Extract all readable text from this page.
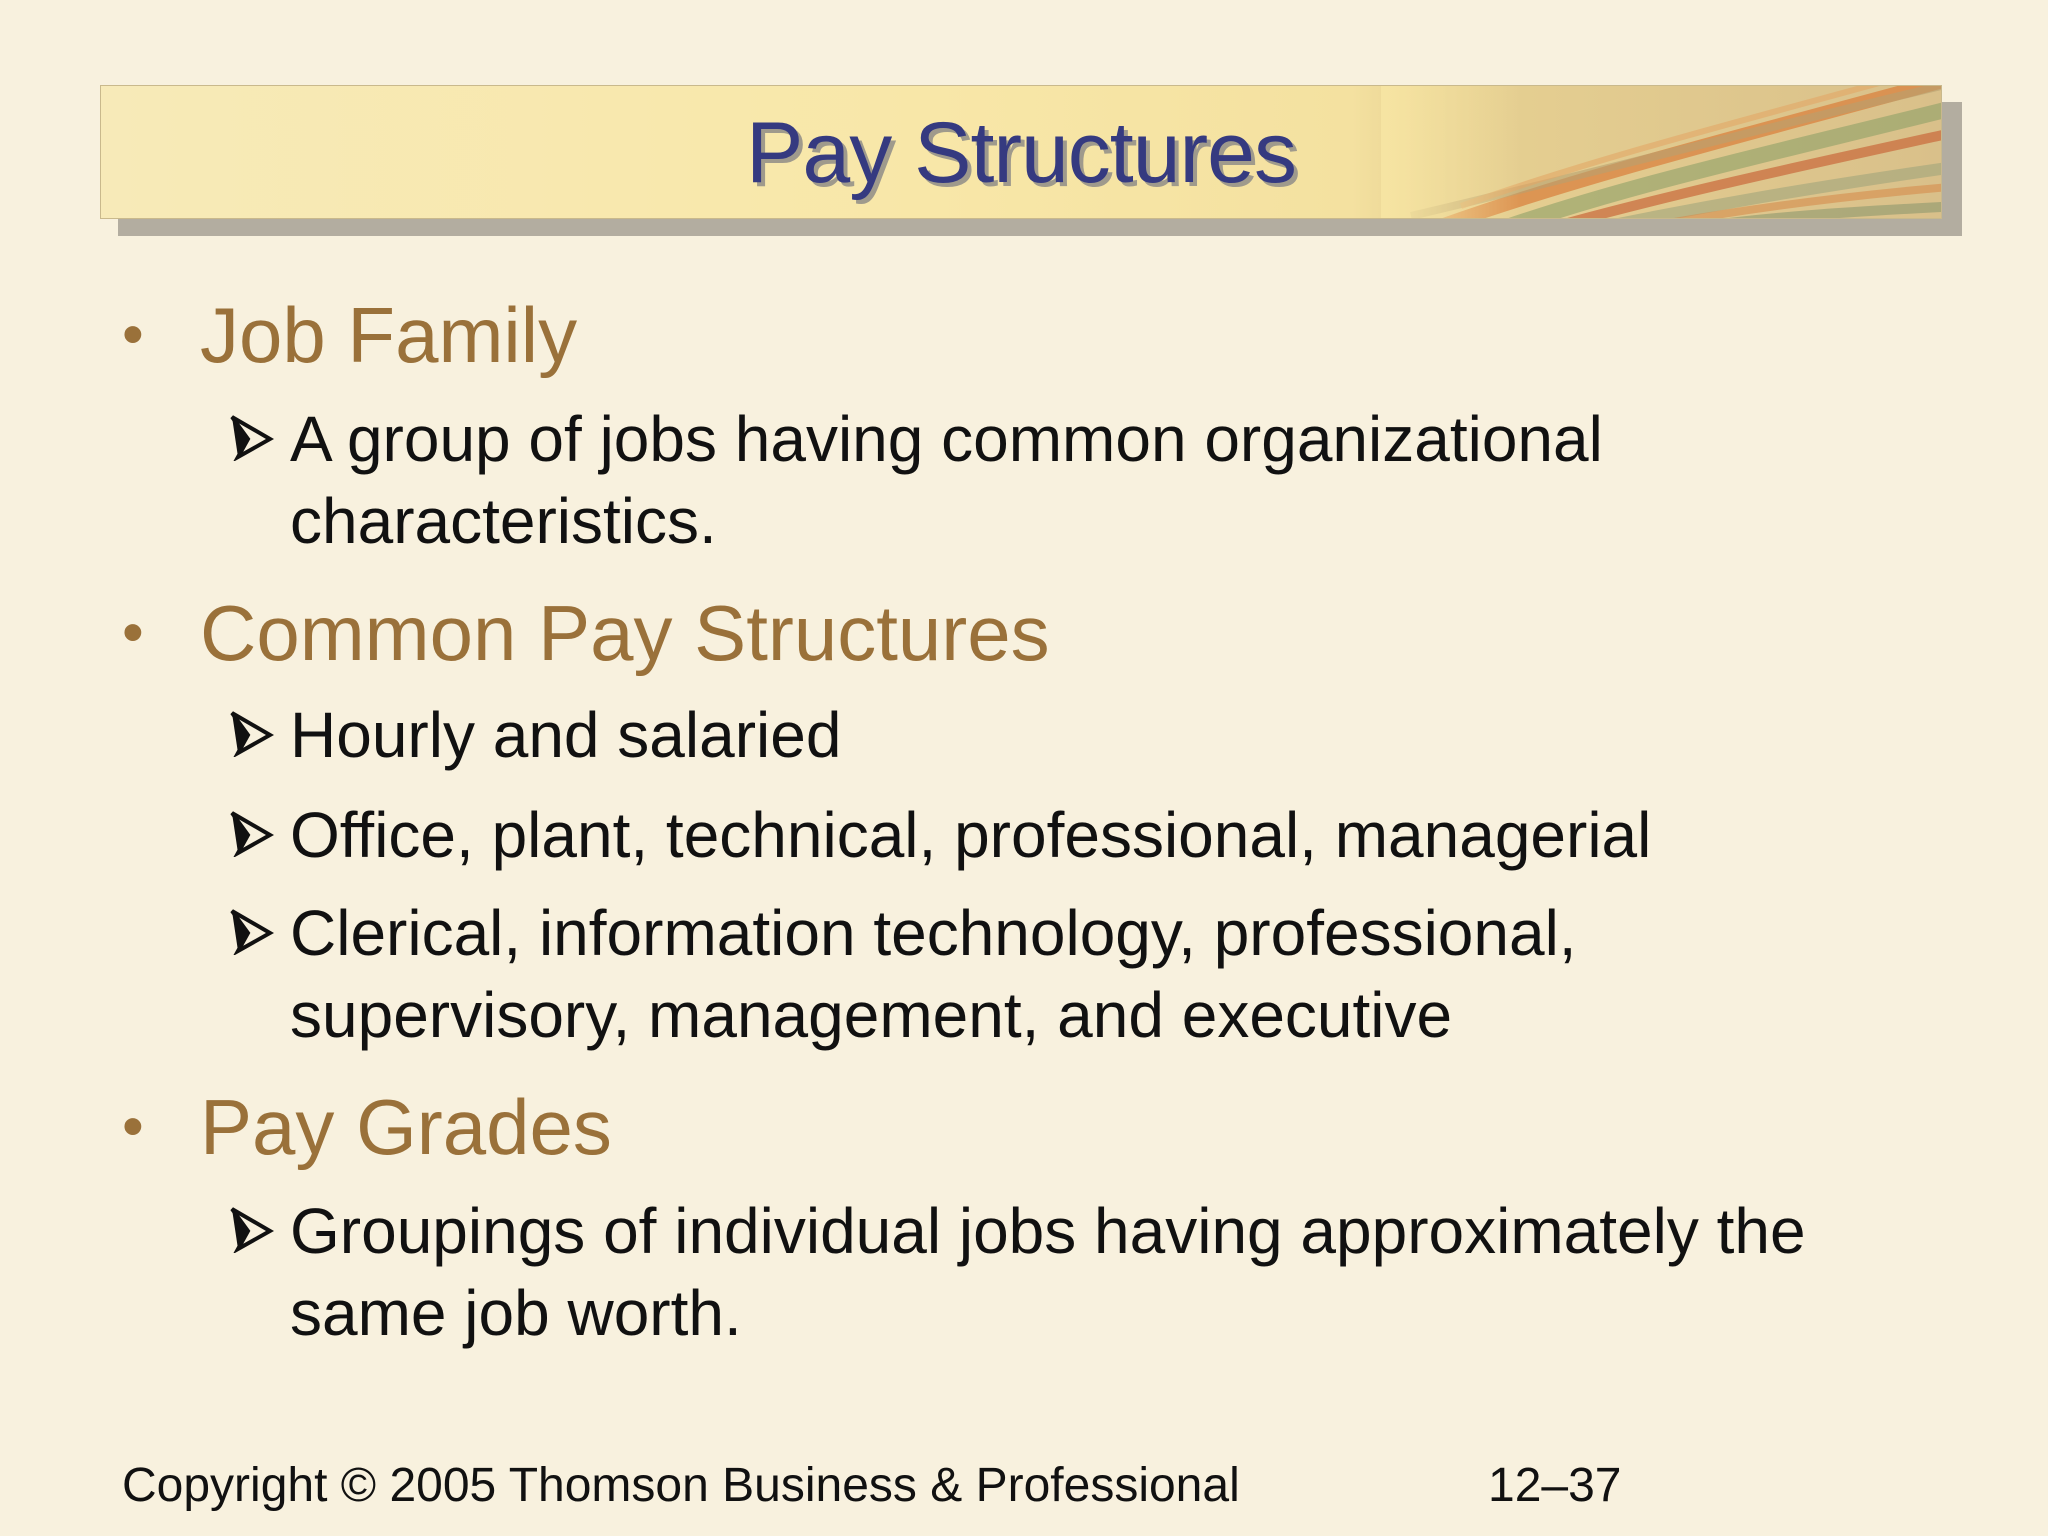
Pay Structures
• Job Family
A group of jobs having common organizational characteristics.
• Common Pay Structures
Hourly and salaried
Office, plant, technical, professional, managerial
Clerical, information technology, professional, supervisory, management, and executive
• Pay Grades
Groupings of individual jobs having approximately the same job worth.
Copyright © 2005 Thomson Business & Professional	12–37
